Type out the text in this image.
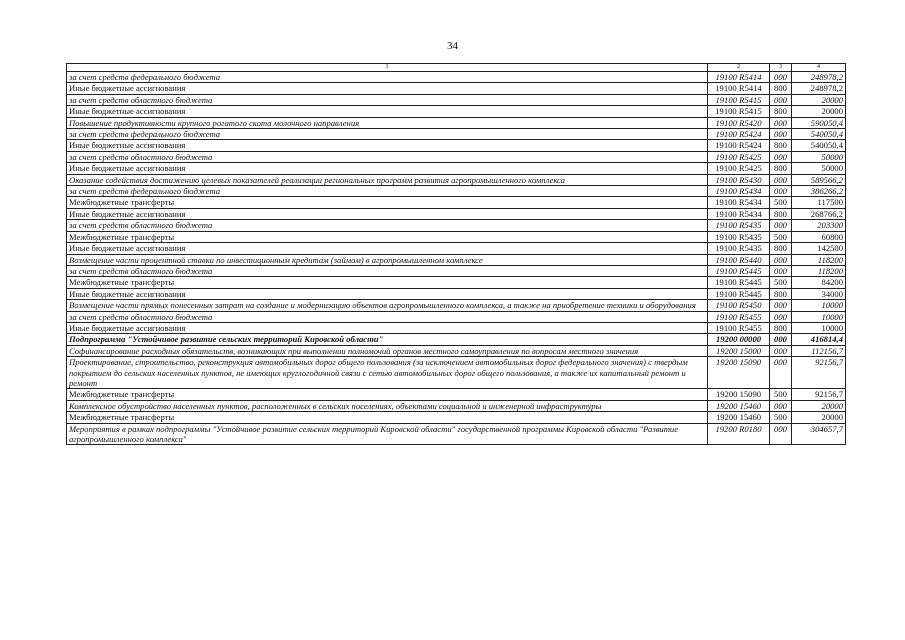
34
1	2	3	4
за счет средств федерального бюджета	19100 R5414	000	248978,2
Иные бюджетные ассигнования	19100 R5414	800	248978,2
за счет средств областного бюджета	19100 R5415	000	20000
Иные бюджетные ассигнования	19100 R5415	800	20000
Повышение продуктивности крупного рогатого скота молочного направления	19100 R5420	000	590050,4
за счет средств федерального бюджета	19100 R5424	000	540050,4
Иные бюджетные ассигнования	19100 R5424	800	540050,4
за счет средств областного бюджета	19100 R5425	000	50000
Иные бюджетные ассигнования	19100 R5425	800	50000
Оказание содействия достижению целевых показателей реализации региональных программ развития агропромышленного комплекса	19100 R5430	000	589566,2
за счет средств федерального бюджета	19100 R5434	000	386266,2
Межбюджетные трансферты	19100 R5434	500	117500
Иные бюджетные ассигнования	19100 R5434	800	268766,2
за счет средств областного бюджета	19100 R5435	000	203300
Межбюджетные трансферты	19100 R5435	500	60800
Иные бюджетные ассигнования	19100 R5435	800	142500
Возмещение части процентной ставки по инвестиционным кредитам (займам) в агропромышленном комплексе	19100 R5440	000	118200
за счет средств областного бюджета	19100 R5445	000	118200
Межбюджетные трансферты	19100 R5445	500	84200
Иные бюджетные ассигнования	19100 R5445	800	34000
Возмещение части прямых понесенных затрат на создание и модернизацию объектов агропромышленного комплекса, а также на приобретение техники и оборудования	19100 R5450	000	10000
за счет средств областного бюджета	19100 R5455	000	10000
Иные бюджетные ассигнования	19100 R5455	800	10000
Подпрограмма "Устойчивое развитие сельских территорий Кировской области"	19200 00000	000	416814,4
Софинансирование расходных обязательств, возникающих при выполнении полномочий органов местного самоуправления по вопросам местного значения	19200 15000	000	112156,7
Проектирование, строительство, реконструкция автомобильных дорог общего пользования (за исключением автомобильных дорог федерального значения) с твердым покрытием до сельских населенных пунктов, не имеющих круглогодичной связи с сетью автомобильных дорог общего пользования, а также их капитальный ремонт и ремонт	19200 15090	000	92156,7
Межбюджетные трансферты	19200 15090	500	92156,7
Комплексное обустройство населенных пунктов, расположенных в сельских поселениях, объектами социальной и инженерной инфраструктуры	19200 15460	000	20000
Межбюджетные трансферты	19200 15460	500	20000
Мероприятия в рамках подпрограммы "Устойчивое развитие сельских территорий Кировской области" государственной программы Кировской области "Развитие агропромышленного комплекса"	19200 R0180	000	304657,7
